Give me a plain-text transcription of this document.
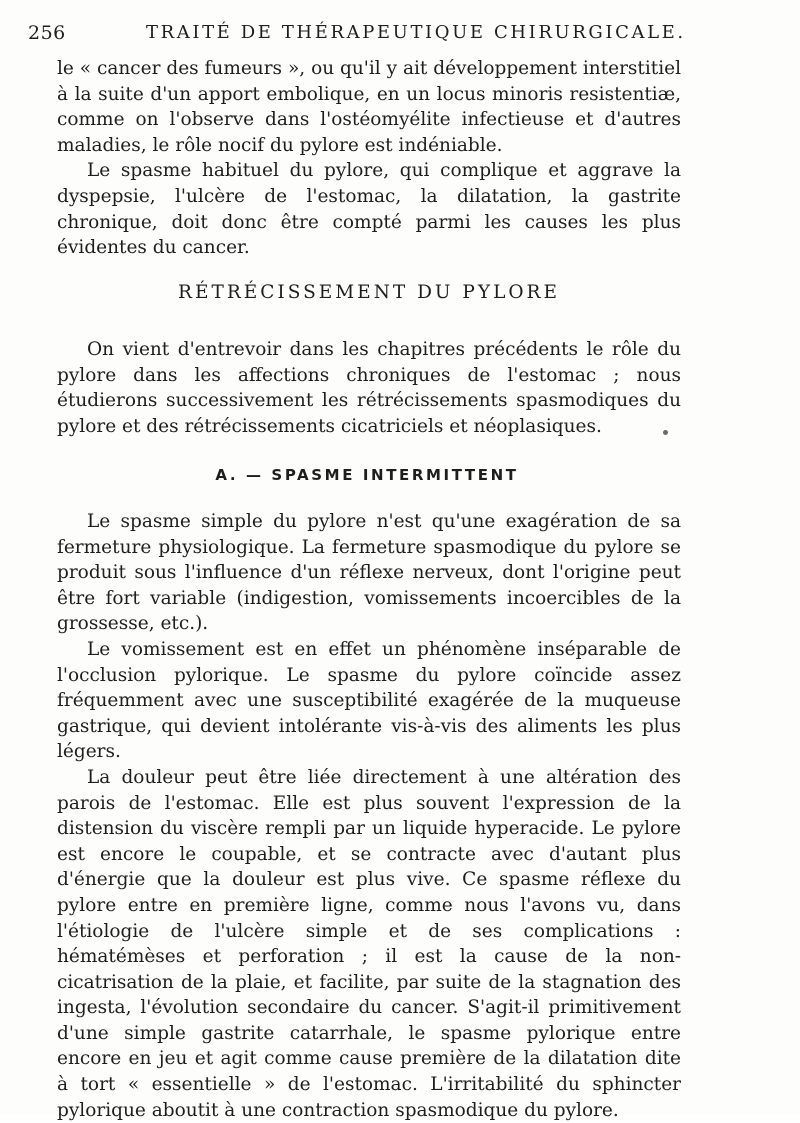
256	TRAITÉ DE THÉRAPEUTIQUE CHIRURGICALE.

le « cancer des fumeurs », ou qu'il y ait développement interstitiel à la suite d'un apport embolique, en un locus minoris resistentiæ, comme on l'observe dans l'ostéomyélite infectieuse et d'autres maladies, le rôle nocif du pylore est indéniable.

Le spasme habituel du pylore, qui complique et aggrave la dyspepsie, l'ulcère de l'estomac, la dilatation, la gastrite chronique, doit donc être compté parmi les causes les plus évidentes du cancer.

RÉTRÉCISSEMENT DU PYLORE

On vient d'entrevoir dans les chapitres précédents le rôle du pylore dans les affections chroniques de l'estomac ; nous étudierons successivement les rétrécissements spasmodiques du pylore et des rétrécissements cicatriciels et néoplasiques.

A. — SPASME INTERMITTENT

Le spasme simple du pylore n'est qu'une exagération de sa fermeture physiologique. La fermeture spasmodique du pylore se produit sous l'influence d'un réflexe nerveux, dont l'origine peut être fort variable (indigestion, vomissements incoercibles de la grossesse, etc.).

Le vomissement est en effet un phénomène inséparable de l'occlusion pylorique. Le spasme du pylore coïncide assez fréquemment avec une susceptibilité exagérée de la muqueuse gastrique, qui devient intolérante vis-à-vis des aliments les plus légers.

La douleur peut être liée directement à une altération des parois de l'estomac. Elle est plus souvent l'expression de la distension du viscère rempli par un liquide hyperacide. Le pylore est encore le coupable, et se contracte avec d'autant plus d'énergie que la douleur est plus vive. Ce spasme réflexe du pylore entre en première ligne, comme nous l'avons vu, dans l'étiologie de l'ulcère simple et de ses complications : hématémèses et perforation ; il est la cause de la non-cicatrisation de la plaie, et facilite, par suite de la stagnation des ingesta, l'évolution secondaire du cancer. S'agit-il primitivement d'une simple gastrite catarrhale, le spasme pylorique entre encore en jeu et agit comme cause première de la dilatation dite à tort « essentielle » de l'estomac. L'irritabilité du sphincter pylorique aboutit à une contraction spasmodique du pylore.
